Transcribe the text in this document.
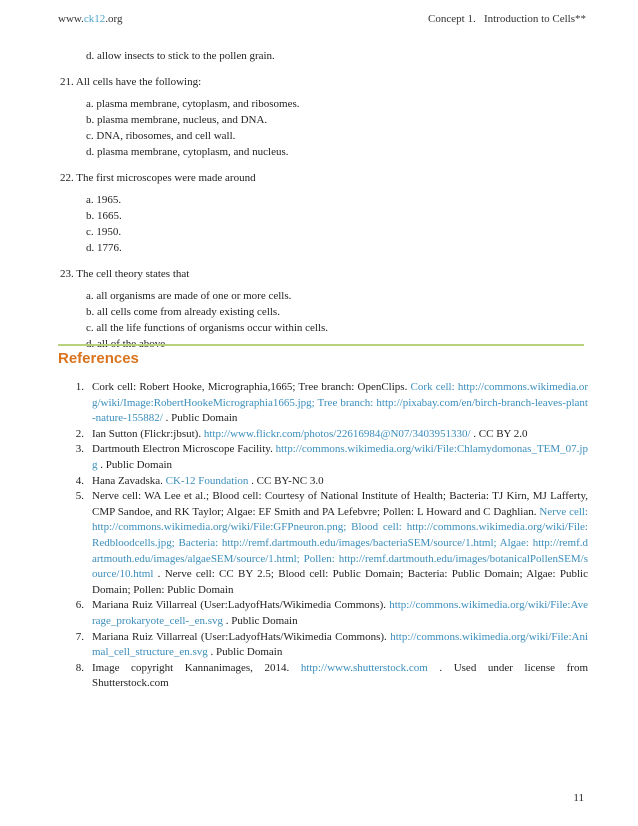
www.ck12.org	Concept 1.   Introduction to Cells**
d. allow insects to stick to the pollen grain.
21. All cells have the following:
a. plasma membrane, cytoplasm, and ribosomes.
b. plasma membrane, nucleus, and DNA.
c. DNA, ribosomes, and cell wall.
d. plasma membrane, cytoplasm, and nucleus.
22. The first microscopes were made around
a. 1965.
b. 1665.
c. 1950.
d. 1776.
23. The cell theory states that
a. all organisms are made of one or more cells.
b. all cells come from already existing cells.
c. all the life functions of organisms occur within cells.
d. all of the above
References
1. Cork cell: Robert Hooke, Micrographia,1665; Tree branch: OpenClips. Cork cell: http://commons.wikimedia.org/wiki/Image:RobertHookeMicrographia1665.jpg; Tree branch: http://pixabay.com/en/birch-branch-leaves-plant-nature-155882/ . Public Domain
2. Ian Sutton (Flickr:jbsut). http://www.flickr.com/photos/22616984@N07/3403951330/ . CC BY 2.0
3. Dartmouth Electron Microscope Facility. http://commons.wikimedia.org/wiki/File:Chlamydomonas_TEM_07.jpg . Public Domain
4. Hana Zavadska. CK-12 Foundation . CC BY-NC 3.0
5. Nerve cell: WA Lee et al.; Blood cell: Courtesy of National Institute of Health; Bacteria: TJ Kirn, MJ Lafferty, CMP Sandoe, and RK Taylor; Algae: EF Smith and PA Lefebvre; Pollen: L Howard and C Daghlian. Nerve cell: http://commons.wikimedia.org/wiki/File:GFPneuron.png; Blood cell: http://commons.wikimedia.org/wiki/File:Redbloodcells.jpg; Bacteria: http://remf.dartmouth.edu/images/bacteriaSEM/source/1.html; Algae: http://remf.dartmouth.edu/images/algaeSEM/source/1.html; Pollen: http://remf.dartmouth.edu/images/botanicalPollenSEM/source/10.html . Nerve cell: CC BY 2.5; Blood cell: Public Domain; Bacteria: Public Domain; Algae: Public Domain; Pollen: Public Domain
6. Mariana Ruiz Villarreal (User:LadyofHats/Wikimedia Commons). http://commons.wikimedia.org/wiki/File:Average_prokaryote_cell-_en.svg . Public Domain
7. Mariana Ruiz Villarreal (User:LadyofHats/Wikimedia Commons). http://commons.wikimedia.org/wiki/File:Animal_cell_structure_en.svg . Public Domain
8. Image copyright Kannanimages, 2014. http://www.shutterstock.com . Used under license from Shutterstock.com
11
